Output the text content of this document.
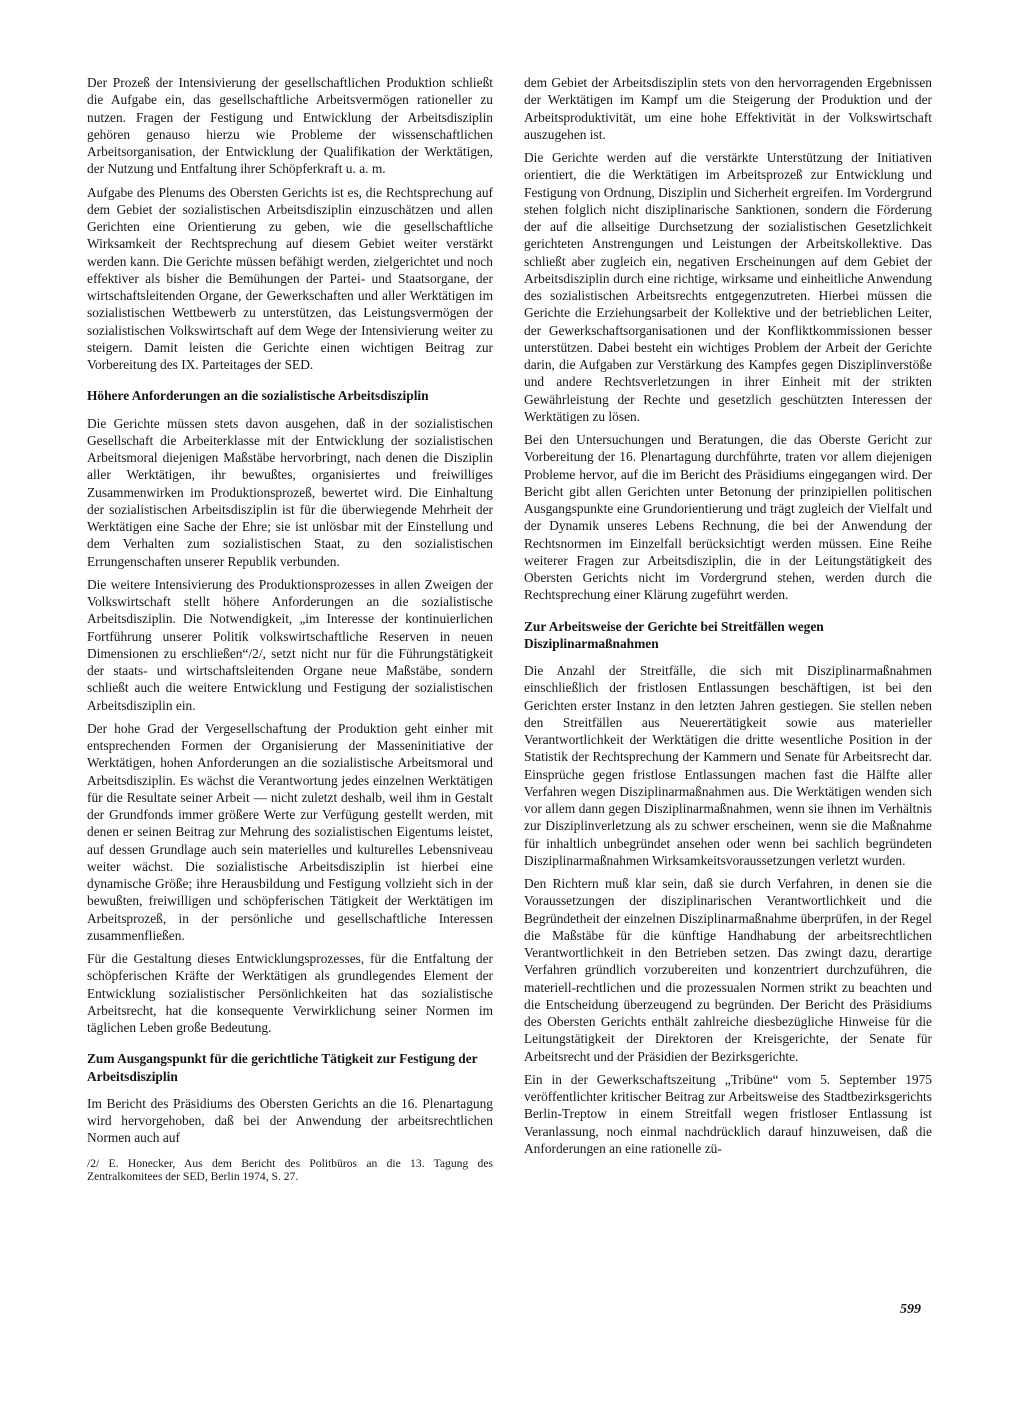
Der Prozeß der Intensivierung der gesellschaftlichen Produktion schließt die Aufgabe ein, das gesellschaftliche Arbeitsvermögen rationeller zu nutzen. Fragen der Festigung und Entwicklung der Arbeitsdisziplin gehören genauso hierzu wie Probleme der wissenschaftlichen Arbeitsorganisation, der Entwicklung der Qualifikation der Werktätigen, der Nutzung und Entfaltung ihrer Schöpferkraft u. a. m.

Aufgabe des Plenums des Obersten Gerichts ist es, die Rechtsprechung auf dem Gebiet der sozialistischen Arbeitsdisziplin einzuschätzen und allen Gerichten eine Orientierung zu geben, wie die gesellschaftliche Wirksamkeit der Rechtsprechung auf diesem Gebiet weiter verstärkt werden kann. Die Gerichte müssen befähigt werden, zielgerichtet und noch effektiver als bisher die Bemühungen der Partei- und Staatsorgane, der wirtschaftsleitenden Organe, der Gewerkschaften und aller Werktätigen im sozialistischen Wettbewerb zu unterstützen, das Leistungsvermögen der sozialistischen Volkswirtschaft auf dem Wege der Intensivierung weiter zu steigern. Damit leisten die Gerichte einen wichtigen Beitrag zur Vorbereitung des IX. Parteitages der SED.

Höhere Anforderungen an die sozialistische Arbeitsdisziplin

Die Gerichte müssen stets davon ausgehen, daß in der sozialistischen Gesellschaft die Arbeiterklasse mit der Entwicklung der sozialistischen Arbeitsmoral diejenigen Maßstäbe hervorbringt, nach denen die Disziplin aller Werktätigen, ihr bewußtes, organisiertes und freiwilliges Zusammenwirken im Produktionsprozeß, bewertet wird. Die Einhaltung der sozialistischen Arbeitsdisziplin ist für die überwiegende Mehrheit der Werktätigen eine Sache der Ehre; sie ist unlösbar mit der Einstellung und dem Verhalten zum sozialistischen Staat, zu den sozialistischen Errungenschaften unserer Republik verbunden.

Die weitere Intensivierung des Produktionsprozesses in allen Zweigen der Volkswirtschaft stellt höhere Anforderungen an die sozialistische Arbeitsdisziplin. Die Notwendigkeit, „im Interesse der kontinuierlichen Fortführung unserer Politik volkswirtschaftliche Reserven in neuen Dimensionen zu erschließen“/2/, setzt nicht nur für die Führungstätigkeit der staats- und wirtschaftsleitenden Organe neue Maßstäbe, sondern schließt auch die weitere Entwicklung und Festigung der sozialistischen Arbeitsdisziplin ein.

Der hohe Grad der Vergesellschaftung der Produktion geht einher mit entsprechenden Formen der Organisierung der Masseninitiative der Werktätigen, hohen Anforderungen an die sozialistische Arbeitsmoral und Arbeitsdisziplin. Es wächst die Verantwortung jedes einzelnen Werktätigen für die Resultate seiner Arbeit — nicht zuletzt deshalb, weil ihm in Gestalt der Grundfonds immer größere Werte zur Verfügung gestellt werden, mit denen er seinen Beitrag zur Mehrung des sozialistischen Eigentums leistet, auf dessen Grundlage auch sein materielles und kulturelles Lebensniveau weiter wächst. Die sozialistische Arbeitsdisziplin ist hierbei eine dynamische Größe; ihre Herausbildung und Festigung vollzieht sich in der bewußten, freiwilligen und schöpferischen Tätigkeit der Werktätigen im Arbeitsprozeß, in der persönliche und gesellschaftliche Interessen zusammenfließen.

Für die Gestaltung dieses Entwicklungsprozesses, für die Entfaltung der schöpferischen Kräfte der Werktätigen als grundlegendes Element der Entwicklung sozialistischer Persönlichkeiten hat das sozialistische Arbeitsrecht, hat die konsequente Verwirklichung seiner Normen im täglichen Leben große Bedeutung.

Zum Ausgangspunkt für die gerichtliche Tätigkeit zur Festigung der Arbeitsdisziplin

Im Bericht des Präsidiums des Obersten Gerichts an die 16. Plenartagung wird hervorgehoben, daß bei der Anwendung der arbeitsrechtlichen Normen auch auf

/2/ E. Honecker, Aus dem Bericht des Politbüros an die 13. Tagung des Zentralkomitees der SED, Berlin 1974, S. 27.

dem Gebiet der Arbeitsdisziplin stets von den hervorragenden Ergebnissen der Werktätigen im Kampf um die Steigerung der Produktion und der Arbeitsproduktivität, um eine hohe Effektivität in der Volkswirtschaft auszugehen ist.

Die Gerichte werden auf die verstärkte Unterstützung der Initiativen orientiert, die die Werktätigen im Arbeitsprozeß zur Entwicklung und Festigung von Ordnung, Disziplin und Sicherheit ergreifen. Im Vordergrund stehen folglich nicht disziplinarische Sanktionen, sondern die Förderung der auf die allseitige Durchsetzung der sozialistischen Gesetzlichkeit gerichteten Anstrengungen und Leistungen der Arbeitskollektive. Das schließt aber zugleich ein, negativen Erscheinungen auf dem Gebiet der Arbeitsdisziplin durch eine richtige, wirksame und einheitliche Anwendung des sozialistischen Arbeitsrechts entgegenzutreten. Hierbei müssen die Gerichte die Erziehungsarbeit der Kollektive und der betrieblichen Leiter, der Gewerkschaftsorganisationen und der Konfliktkommissionen besser unterstützen. Dabei besteht ein wichtiges Problem der Arbeit der Gerichte darin, die Aufgaben zur Verstärkung des Kampfes gegen Disziplinverstöße und andere Rechtsverletzungen in ihrer Einheit mit der strikten Gewährleistung der Rechte und gesetzlich geschützten Interessen der Werktätigen zu lösen.

Bei den Untersuchungen und Beratungen, die das Oberste Gericht zur Vorbereitung der 16. Plenartagung durchführte, traten vor allem diejenigen Probleme hervor, auf die im Bericht des Präsidiums eingegangen wird. Der Bericht gibt allen Gerichten unter Betonung der prinzipiellen politischen Ausgangspunkte eine Grundorientierung und trägt zugleich der Vielfalt und der Dynamik unseres Lebens Rechnung, die bei der Anwendung der Rechtsnormen im Einzelfall berücksichtigt werden müssen. Eine Reihe weiterer Fragen zur Arbeitsdisziplin, die in der Leitungstätigkeit des Obersten Gerichts nicht im Vordergrund stehen, werden durch die Rechtsprechung einer Klärung zugeführt werden.

Zur Arbeitsweise der Gerichte bei Streitfällen wegen Disziplinarmaßnahmen

Die Anzahl der Streitfälle, die sich mit Disziplinarmaßnahmen einschließlich der fristlosen Entlassungen beschäftigen, ist bei den Gerichten erster Instanz in den letzten Jahren gestiegen. Sie stellen neben den Streitfällen aus Neuerertätigkeit sowie aus materieller Verantwortlichkeit der Werktätigen die dritte wesentliche Position in der Statistik der Rechtsprechung der Kammern und Senate für Arbeitsrecht dar. Einsprüche gegen fristlose Entlassungen machen fast die Hälfte aller Verfahren wegen Disziplinarmaßnahmen aus. Die Werktätigen wenden sich vor allem dann gegen Disziplinarmaßnahmen, wenn sie ihnen im Verhältnis zur Disziplinverletzung als zu schwer erscheinen, wenn sie die Maßnahme für inhaltlich unbegründet ansehen oder wenn bei sachlich begründeten Disziplinarmaßnahmen Wirksamkeitsvoraussetzungen verletzt wurden.

Den Richtern muß klar sein, daß sie durch Verfahren, in denen sie die Voraussetzungen der disziplinarischen Verantwortlichkeit und die Begründetheit der einzelnen Disziplinarmaßnahme überprüfen, in der Regel die Maßstäbe für die künftige Handhabung der arbeitsrechtlichen Verantwortlichkeit in den Betrieben setzen. Das zwingt dazu, derartige Verfahren gründlich vorzubereiten und konzentriert durchzuführen, die materiell-rechtlichen und die prozessualen Normen strikt zu beachten und die Entscheidung überzeugend zu begründen. Der Bericht des Präsidiums des Obersten Gerichts enthält zahlreiche diesbezügliche Hinweise für die Leitungstätigkeit der Direktoren der Kreisgerichte, der Senate für Arbeitsrecht und der Präsidien der Bezirksgerichte.

Ein in der Gewerkschaftszeitung „Tribüne“ vom 5. September 1975 veröffentlichter kritischer Beitrag zur Arbeitsweise des Stadtbezirksgerichts Berlin-Treptow in einem Streitfall wegen fristloser Entlassung ist Veranlassung, noch einmal nachdrücklich darauf hinzuweisen, daß die Anforderungen an eine rationelle zü-

599
